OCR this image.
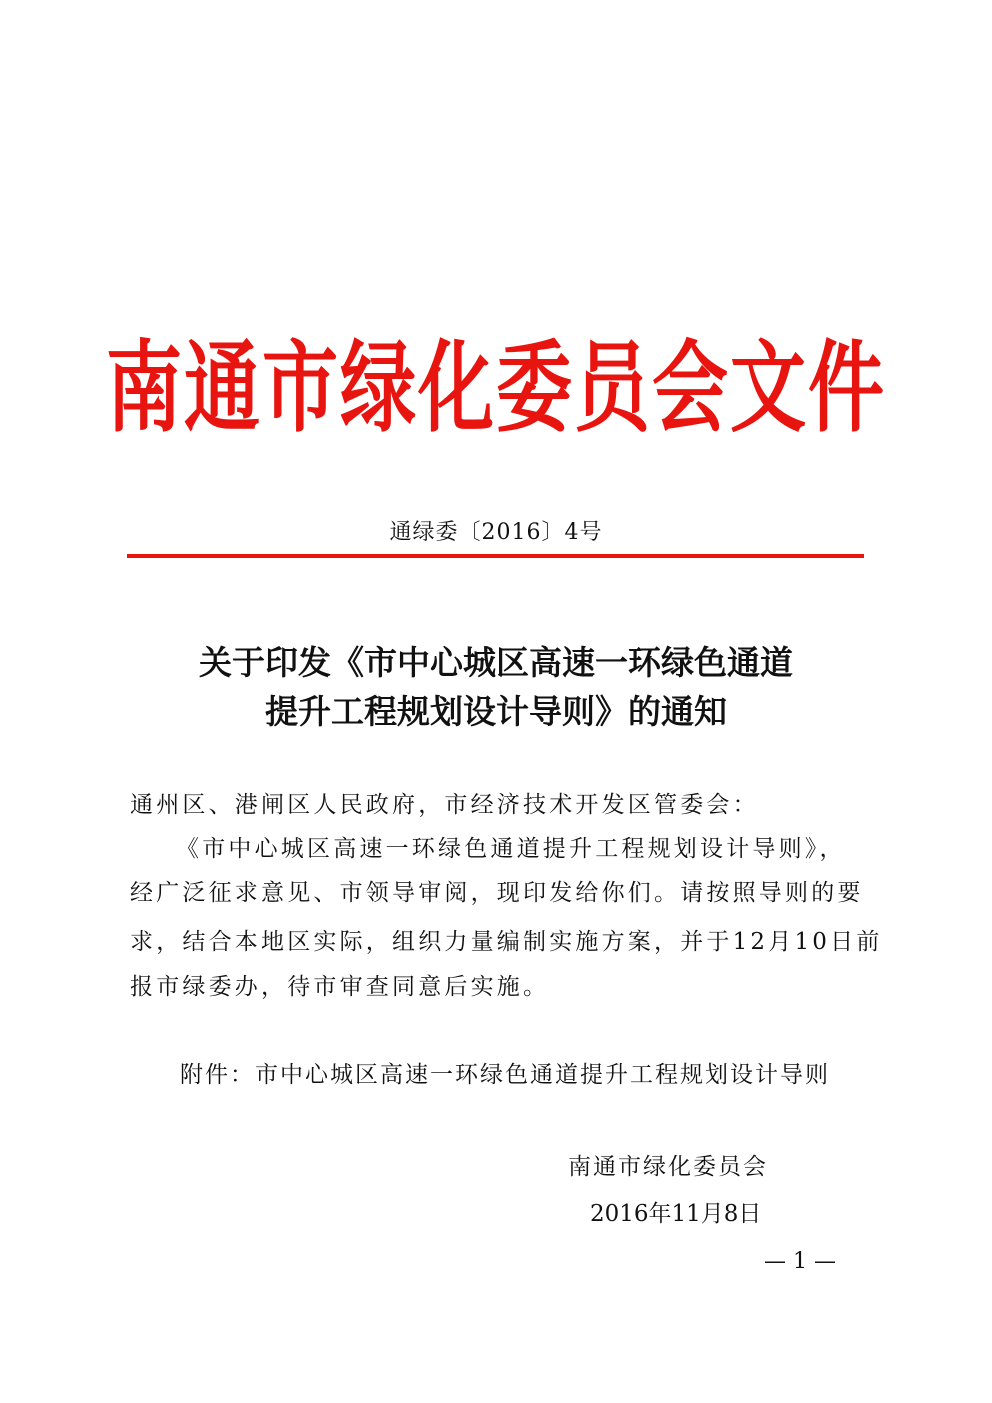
南通市绿化委员会文件
通绿委〔2016〕4号
关于印发《市中心城区高速一环绿色通道
提升工程规划设计导则》的通知
通州区、港闸区人民政府，市经济技术开发区管委会：
《市中心城区高速一环绿色通道提升工程规划设计导则》，
经广泛征求意见、市领导审阅，现印发给你们。请按照导则的要
求，结合本地区实际，组织力量编制实施方案，并于12月10日前
报市绿委办，待市审查同意后实施。
附件：市中心城区高速一环绿色通道提升工程规划设计导则
南通市绿化委员会
2016年11月8日
— 1 —
